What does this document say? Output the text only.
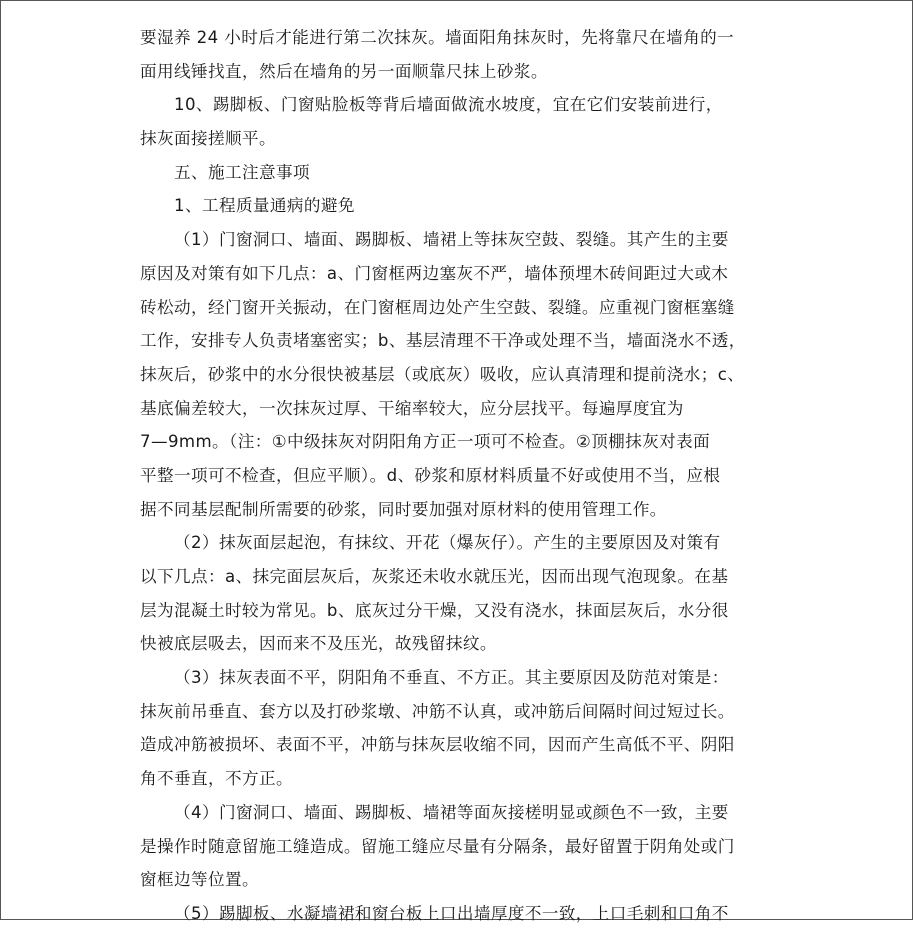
要湿养 24 小时后才能进行第二次抹灰。墙面阳角抹灰时，先将靠尺在墙角的一
面用线锤找直，然后在墙角的另一面顺靠尺抹上砂浆。
10、踢脚板、门窗贴脸板等背后墙面做流水坡度，宜在它们安装前进行，
抹灰面接搓顺平。
五、施工注意事项
1、工程质量通病的避免
（1）门窗洞口、墙面、踢脚板、墙裙上等抹灰空鼓、裂缝。其产生的主要
原因及对策有如下几点：a、门窗框两边塞灰不严，墙体预埋木砖间距过大或木
砖松动，经门窗开关振动，在门窗框周边处产生空鼓、裂缝。应重视门窗框塞缝
工作，安排专人负责堵塞密实；b、基层清理不干净或处理不当，墙面浇水不透，
抹灰后，砂浆中的水分很快被基层（或底灰）吸收，应认真清理和提前浇水；c、
基底偏差较大，一次抹灰过厚、干缩率较大，应分层找平。每遍厚度宜为
7—9mm。（注：①中级抹灰对阴阳角方正一项可不检查。②顶棚抹灰对表面
平整一项可不检查，但应平顺）。d、砂浆和原材料质量不好或使用不当，应根
据不同基层配制所需要的砂浆，同时要加强对原材料的使用管理工作。
（2）抹灰面层起泡，有抹纹、开花（爆灰仔）。产生的主要原因及对策有
以下几点：a、抹完面层灰后，灰浆还未收水就压光，因而出现气泡现象。在基
层为混凝土时较为常见。b、底灰过分干燥，又没有浇水，抹面层灰后，水分很
快被底层吸去，因而来不及压光，故残留抹纹。
（3）抹灰表面不平，阴阳角不垂直、不方正。其主要原因及防范对策是：
抹灰前吊垂直、套方以及打砂浆墩、冲筋不认真，或冲筋后间隔时间过短过长。
造成冲筋被损坏、表面不平，冲筋与抹灰层收缩不同，因而产生高低不平、阴阳
角不垂直，不方正。
（4）门窗洞口、墙面、踢脚板、墙裙等面灰接槎明显或颜色不一致，主要
是操作时随意留施工缝造成。留施工缝应尽量有分隔条，最好留置于阴角处或门
窗框边等位置。
（5）踢脚板、水凝墙裙和窗台板上口出墙厚度不一致，上口毛刺和口角不
